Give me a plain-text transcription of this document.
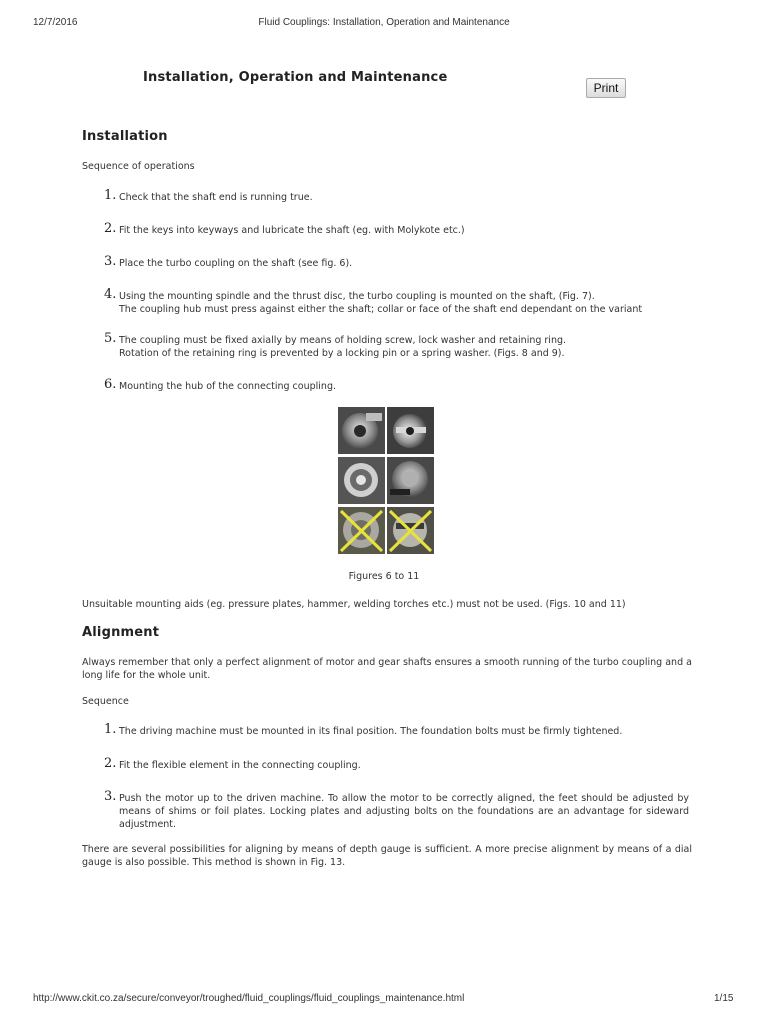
12/7/2016	Fluid Couplings: Installation, Operation and Maintenance
Installation, Operation and Maintenance
Print
Installation
Sequence of operations
1. Check that the shaft end is running true.
2. Fit the keys into keyways and lubricate the shaft (eg. with Molykote etc.)
3. Place the turbo coupling on the shaft (see fig. 6).
4. Using the mounting spindle and the thrust disc, the turbo coupling is mounted on the shaft, (Fig. 7).
The coupling hub must press against either the shaft; collar or face of the shaft end dependant on the variant
5. The coupling must be fixed axially by means of holding screw, lock washer and retaining ring.
Rotation of the retaining ring is prevented by a locking pin or a spring washer. (Figs. 8 and 9).
6. Mounting the hub of the connecting coupling.
Figures 6 to 11
Unsuitable mounting aids (eg. pressure plates, hammer, welding torches etc.) must not be used. (Figs. 10 and 11)
Alignment
Always remember that only a perfect alignment of motor and gear shafts ensures a smooth running of the turbo coupling and a long life for the whole unit.
Sequence
1. The driving machine must be mounted in its final position. The foundation bolts must be firmly tightened.
2. Fit the flexible element in the connecting coupling.
3. Push the motor up to the driven machine. To allow the motor to be correctly aligned, the feet should be adjusted by means of shims or foil plates. Locking plates and adjusting bolts on the foundations are an advantage for sideward adjustment.
There are several possibilities for aligning by means of depth gauge is sufficient. A more precise alignment by means of a dial gauge is also possible. This method is shown in Fig. 13.
http://www.ckit.co.za/secure/conveyor/troughed/fluid_couplings/fluid_couplings_maintenance.html	1/15
